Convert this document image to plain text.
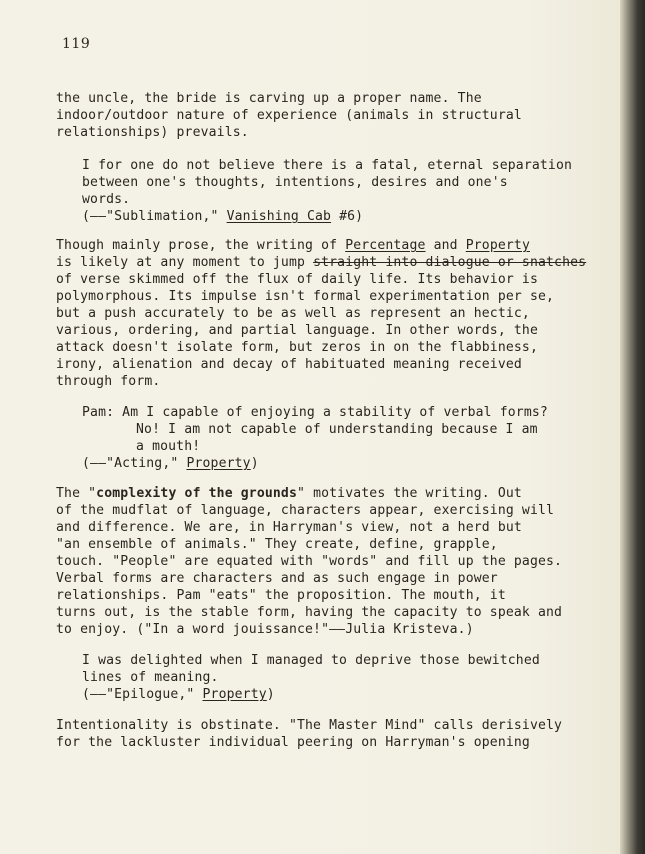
119
the uncle, the bride is carving up a proper name. The
indoor/outdoor nature of experience (animals in structural
relationships) prevails.
I for one do not believe there is a fatal, eternal separation
between one's thoughts, intentions, desires and one's
words.
(——"Sublimation," Vanishing Cab #6)
Though mainly prose, the writing of Percentage and Property
is likely at any moment to jump straight into dialogue or snatches
of verse skimmed off the flux of daily life. Its behavior is
polymorphous. Its impulse isn't formal experimentation per se,
but a push accurately to be as well as represent an hectic,
various, ordering, and partial language. In other words, the
attack doesn't isolate form, but zeros in on the flabbiness,
irony, alienation and decay of habituated meaning received
through form.
Pam: Am I capable of enjoying a stability of verbal forms?
No! I am not capable of understanding because I am
a mouth!
(——"Acting," Property)
The "complexity of the grounds" motivates the writing. Out
of the mudflat of language, characters appear, exercising will
and difference. We are, in Harryman's view, not a herd but
"an ensemble of animals." They create, define, grapple,
touch. "People" are equated with "words" and fill up the pages.
Verbal forms are characters and as such engage in power
relationships. Pam "eats" the proposition. The mouth, it
turns out, is the stable form, having the capacity to speak and
to enjoy. ("In a word jouissance!"——Julia Kristeva.)
I was delighted when I managed to deprive those bewitched
lines of meaning.
(——"Epilogue," Property)
Intentionality is obstinate. "The Master Mind" calls derisively
for the lackluster individual peering on Harryman's opening
